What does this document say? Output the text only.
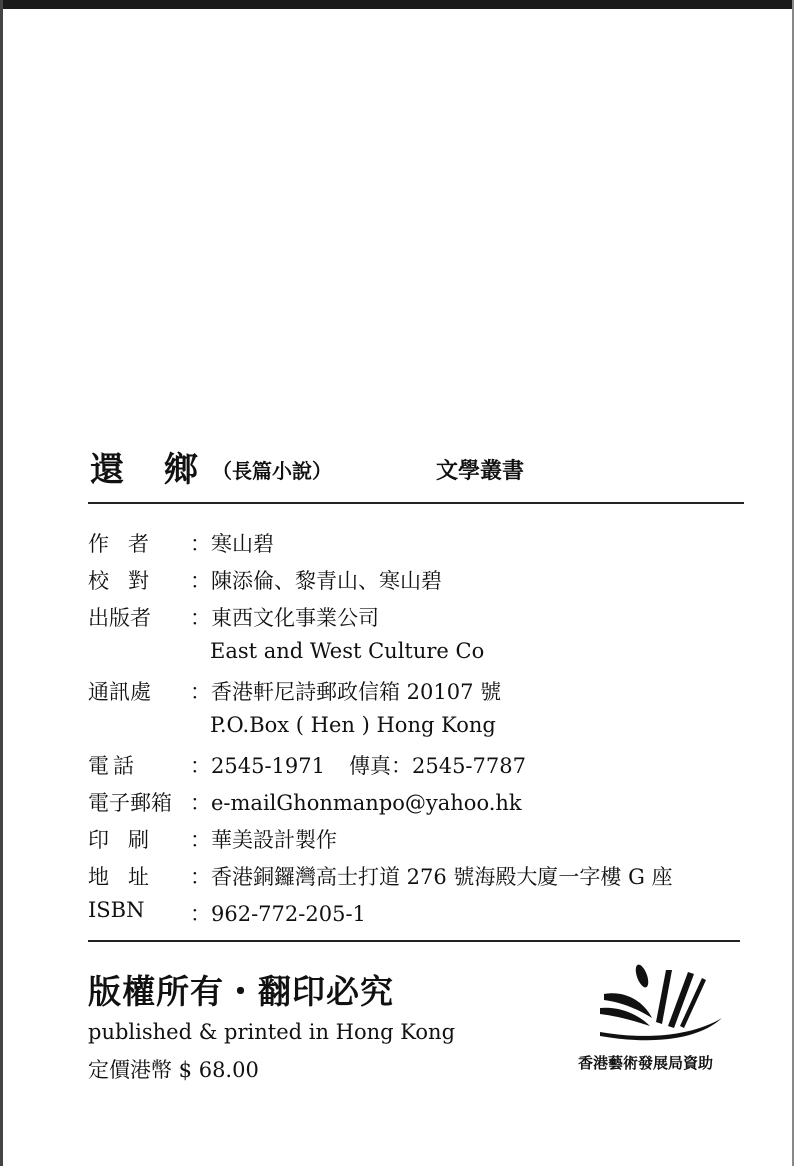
還 鄉 （長篇小說）	文學叢書
作者 ：寒山碧
校對 ：陳添倫、黎青山、寒山碧
出版者 ：東西文化事業公司
East and West Culture Co
通訊處 ：香港軒尼詩郵政信箱 20107 號
P.O.Box ( Hen ) Hong Kong
電話 ：2545-1971 傳真：2545-7787
電子郵箱 ：e-mailGhonmanpo@yahoo.hk
印刷 ：華美設計製作
地址 ：香港銅鑼灣高士打道 276 號海殿大廈一字樓 G 座
ISBN ：962-772-205-1
版權所有・翻印必究
published & printed in Hong Kong
定價港幣 $ 68.00	香港藝術發展局資助
